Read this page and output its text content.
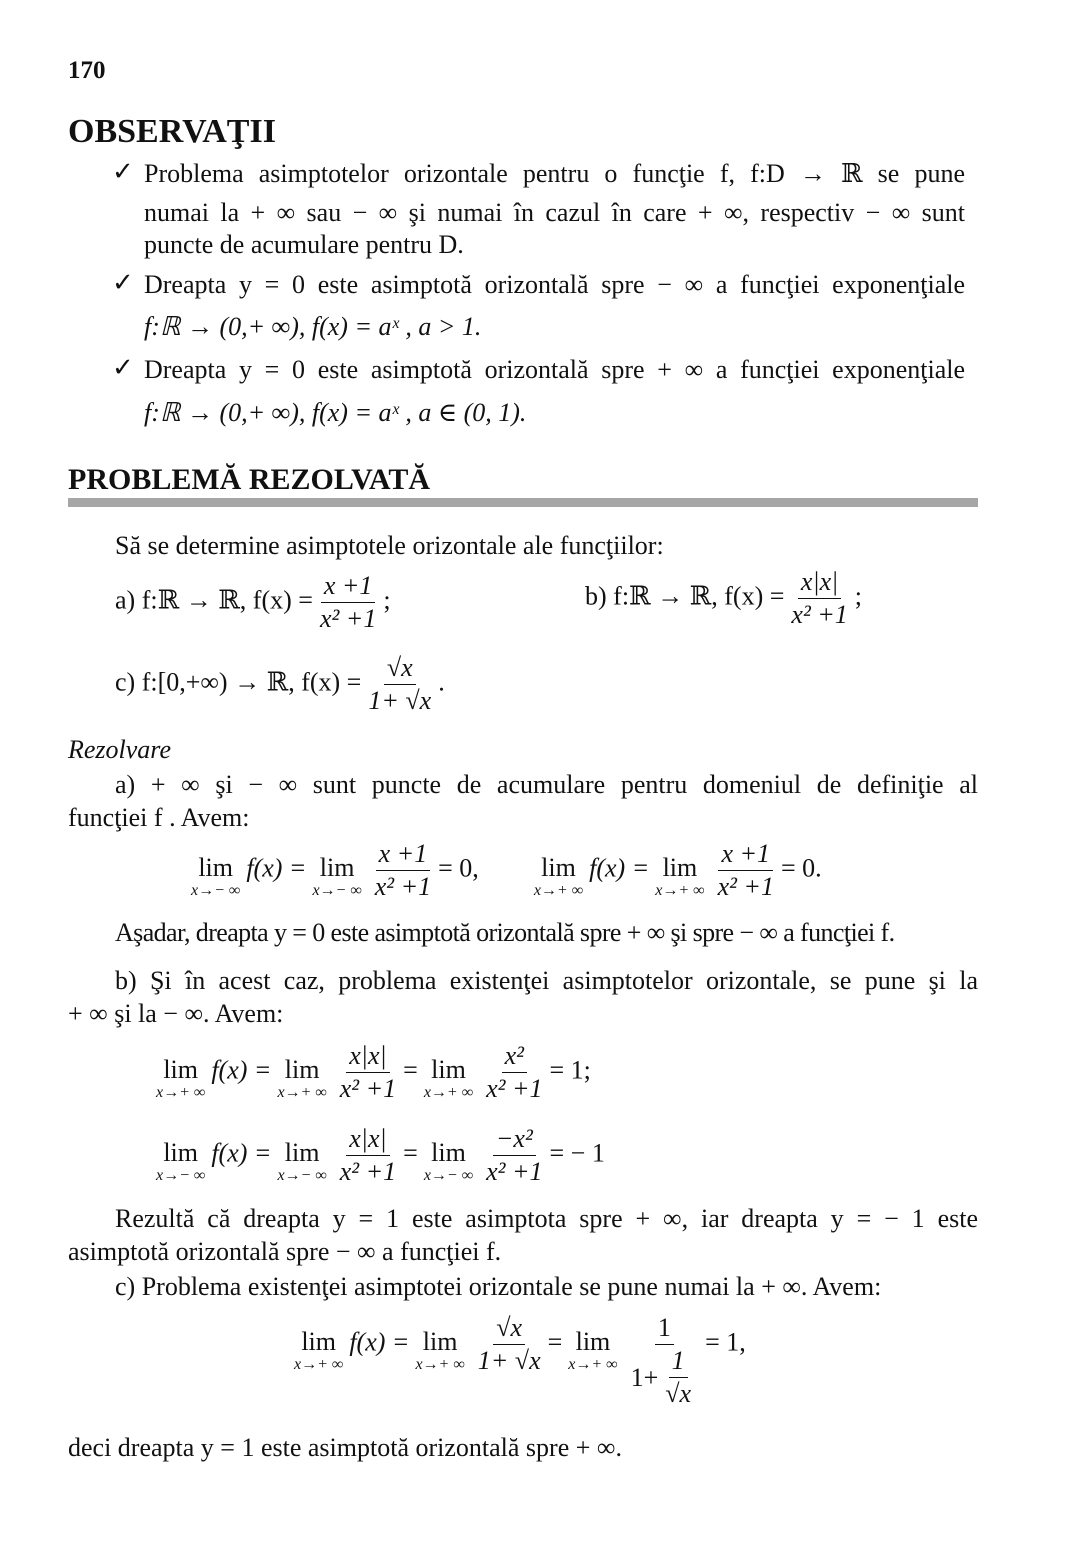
170
OBSERVAŢII
✓ Problema asimptotelor orizontale pentru o funcţie f, f:D → ℝ se pune
numai la + ∞ sau − ∞ şi numai în cazul în care + ∞, respectiv − ∞ sunt
puncte de acumulare pentru D.
✓ Dreapta y = 0 este asimptotă orizontală spre − ∞ a funcţiei exponenţiale
f:ℝ → (0,+ ∞), f(x) = aˣ , a > 1.
✓ Dreapta y = 0 este asimptotă orizontală spre + ∞ a funcţiei exponenţiale
f:ℝ → (0,+ ∞), f(x) = aˣ , a ∈ (0, 1).
PROBLEMĂ REZOLVATĂ
Să se determine asimptotele orizontale ale funcţiilor:
a) f:ℝ → ℝ, $f(x) = \frac{x +1}{\text{x² +1}}$ ;	b) f:ℝ → ℝ, $f(x) = \frac{x|x|}{\text{x² +1}}$ ;
c) f:[0,+∞) → ℝ, $f(x) = \frac{√x}{1+ √x}$ .
Rezolvare
a) + ∞ şi − ∞ sunt puncte de acumulare pentru domeniul de definiţie al
funcţiei f . Avem:
lim
x→− ∞
f(x) = lim
x→− ∞ $\frac{x +1}{\text{x² +1}} = 0$, lim
x→+ ∞
f(x) = lim
x→+ ∞ $\frac{x +1}{\text{x² +1}} = 0$.
Aşadar, dreapta y = 0 este asimptotă orizontală spre + ∞ şi spre − ∞ a funcţiei f.
b) Şi în acest caz, problema existenţei asimptotelor orizontale, se pune şi la
+ ∞ şi la − ∞. Avem:
lim
x→+ ∞
f(x) = lim
x→+ ∞ $\frac{x|x|}{\text{x² +1}} = \lim$
x→+ ∞ $\frac{\text{x²}}{\text{x² +1}} = 1$;
lim
x→− ∞
f(x) = lim
x→− ∞ $\frac{x|x|}{\text{x² +1}} = \lim$
x→− ∞ $\frac{\text{−x²}}{\text{x² +1}}$ = − 1
Rezultă că dreapta y = 1 este asimptota spre + ∞, iar dreapta y = − 1 este
asimptotă orizontală spre − ∞ a funcţiei f.
c) Problema existenţei asimptotei orizontale se pune numai la + ∞. Avem:
lim
x→+ ∞
f(x) = lim
x→+ ∞ $\frac{√x}{1+ √x} = \lim$
x→+ ∞ $\frac{1}{1+ \frac{1}{√x}} = 1$,
deci dreapta y = 1 este asimptotă orizontală spre + ∞.
